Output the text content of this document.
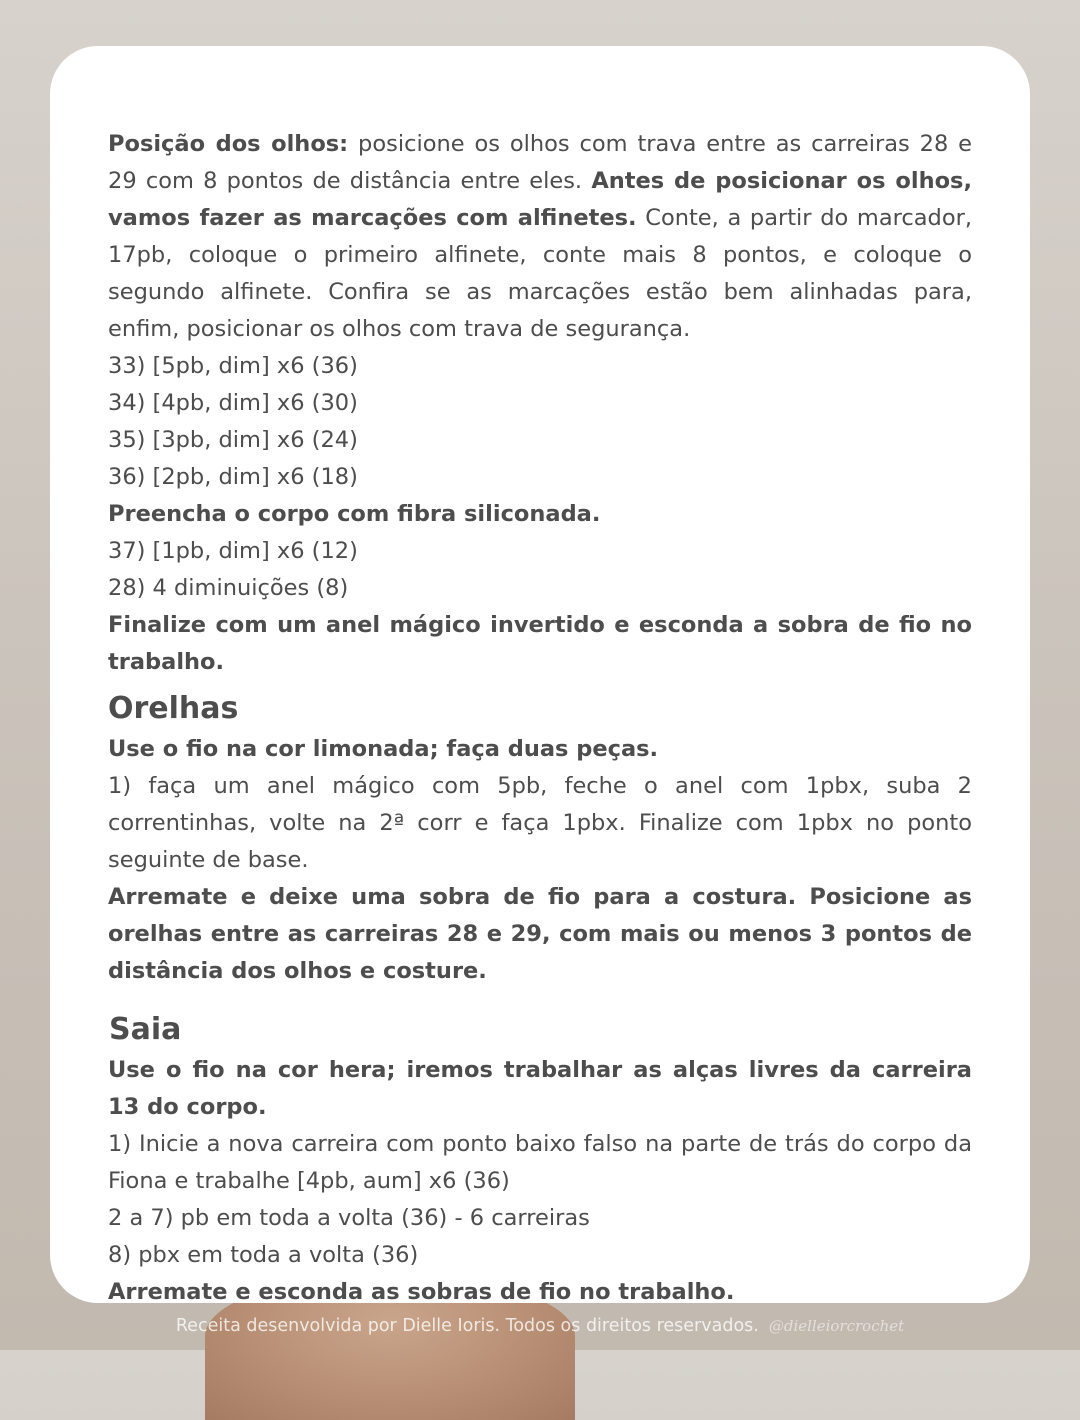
Posição dos olhos: posicione os olhos com trava entre as carreiras 28 e 29 com 8 pontos de distância entre eles. Antes de posicionar os olhos, vamos fazer as marcações com alfinetes. Conte, a partir do marcador, 17pb, coloque o primeiro alfinete, conte mais 8 pontos, e coloque o segundo alfinete. Confira se as marcações estão bem alinhadas para, enfim, posicionar os olhos com trava de segurança.

33) [5pb, dim] x6 (36)

34) [4pb, dim] x6 (30)

35) [3pb, dim] x6 (24)

36) [2pb, dim] x6 (18)

Preencha o corpo com fibra siliconada.

37) [1pb, dim] x6 (12)

28) 4 diminuições (8)

Finalize com um anel mágico invertido e esconda a sobra de fio no trabalho.

Orelhas

Use o fio na cor limonada; faça duas peças.

1) faça um anel mágico com 5pb, feche o anel com 1pbx, suba 2 correntinhas, volte na 2ª corr e faça 1pbx. Finalize com 1pbx no ponto seguinte de base.

Arremate e deixe uma sobra de fio para a costura. Posicione as orelhas entre as carreiras 28 e 29, com mais ou menos 3 pontos de distância dos olhos e costure.

Saia

Use o fio na cor hera; iremos trabalhar as alças livres da carreira 13 do corpo.

1) Inicie a nova carreira com ponto baixo falso na parte de trás do corpo da Fiona e trabalhe [4pb, aum] x6 (36)

2 a 7) pb em toda a volta (36) - 6 carreiras

8) pbx em toda a volta (36)

Arremate e esconda as sobras de fio no trabalho.

Receita desenvolvida por Dielle Ioris. Todos os direitos reservados. @dielleiorcrochet
